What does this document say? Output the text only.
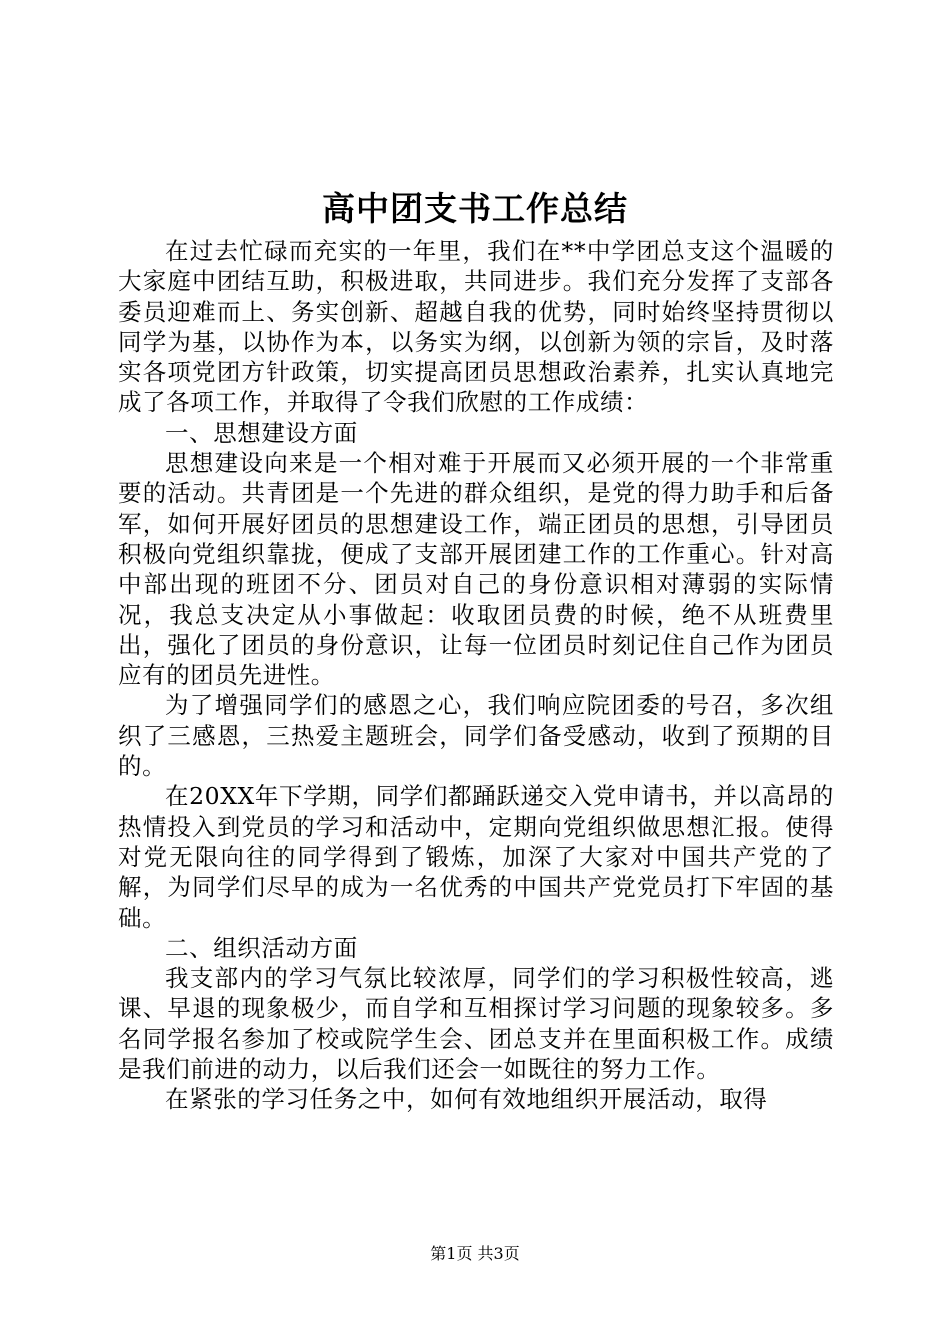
高中团支书工作总结

在过去忙碌而充实的一年里，我们在**中学团总支这个温暖的大家庭中团结互助，积极进取，共同进步。我们充分发挥了支部各委员迎难而上、务实创新、超越自我的优势，同时始终坚持贯彻以同学为基，以协作为本，以务实为纲，以创新为领的宗旨，及时落实各项党团方针政策，切实提高团员思想政治素养，扎实认真地完成了各项工作，并取得了令我们欣慰的工作成绩：

一、思想建设方面

思想建设向来是一个相对难于开展而又必须开展的一个非常重要的活动。共青团是一个先进的群众组织，是党的得力助手和后备军，如何开展好团员的思想建设工作，端正团员的思想，引导团员积极向党组织靠拢，便成了支部开展团建工作的工作重心。针对高中部出现的班团不分、团员对自己的身份意识相对薄弱的实际情况，我总支决定从小事做起：收取团员费的时候，绝不从班费里出，强化了团员的身份意识，让每一位团员时刻记住自己作为团员应有的团员先进性。

为了增强同学们的感恩之心，我们响应院团委的号召，多次组织了三感恩，三热爱主题班会，同学们备受感动，收到了预期的目的。

在20XX年下学期，同学们都踊跃递交入党申请书，并以高昂的热情投入到党员的学习和活动中，定期向党组织做思想汇报。使得对党无限向往的同学得到了锻炼，加深了大家对中国共产党的了解，为同学们尽早的成为一名优秀的中国共产党党员打下牢固的基础。

二、组织活动方面

我支部内的学习气氛比较浓厚，同学们的学习积极性较高，逃课、早退的现象极少，而自学和互相探讨学习问题的现象较多。多名同学报名参加了校或院学生会、团总支并在里面积极工作。成绩是我们前进的动力，以后我们还会一如既往的努力工作。

在紧张的学习任务之中，如何有效地组织开展活动，取得

第1页 共3页
